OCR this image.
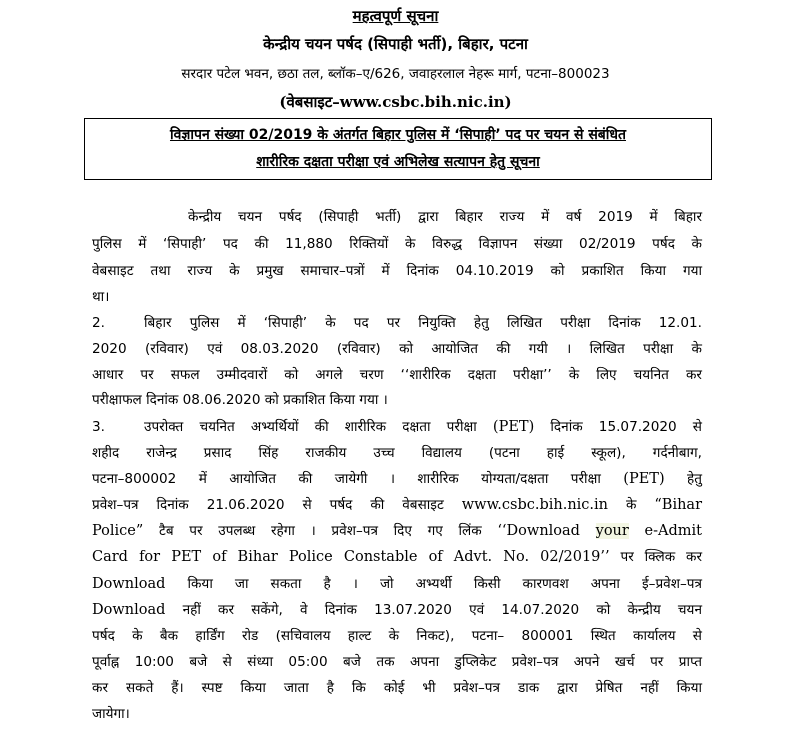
महत्वपूर्ण सूचना
केन्द्रीय चयन पर्षद (सिपाही भर्ती), बिहार, पटना
सरदार पटेल भवन, छठा तल, ब्लॉक–ए/626, जवाहरलाल नेहरू मार्ग, पटना–800023
(वेबसाइट–www.csbc.bih.nic.in)
विज्ञापन संख्या 02/2019 के अंतर्गत बिहार पुलिस में ‘सिपाही’ पद पर चयन से संबंधित
शारीरिक दक्षता परीक्षा एवं अभिलेख सत्यापन हेतु सूचना
केन्द्रीय चयन पर्षद (सिपाही भर्ती) द्वारा बिहार राज्य में वर्ष 2019 में बिहार
पुलिस में ‘सिपाही’ पद की 11,880 रिक्तियों के विरुद्ध विज्ञापन संख्या 02/2019 पर्षद के
वेबसाइट तथा राज्य के प्रमुख समाचार–पत्रों में दिनांक 04.10.2019 को प्रकाशित किया गया
था।
2.	बिहार पुलिस में ‘सिपाही’ के पद पर नियुक्ति हेतु लिखित परीक्षा दिनांक 12.01.
2020 (रविवार) एवं 08.03.2020 (रविवार) को आयोजित की गयी । लिखित परीक्षा के
आधार पर सफल उम्मीदवारों को अगले चरण ‘‘शारीरिक दक्षता परीक्षा’’ के लिए चयनित कर
परीक्षाफल दिनांक 08.06.2020 को प्रकाशित किया गया ।
3.	उपरोक्त चयनित अभ्यर्थियों की शारीरिक दक्षता परीक्षा (PET) दिनांक 15.07.2020 से
शहीद राजेन्द्र प्रसाद सिंह राजकीय उच्च विद्यालय (पटना हाई स्कूल), गर्दनीबाग,
पटना–800002 में आयोजित की जायेगी । शारीरिक योग्यता/दक्षता परीक्षा (PET) हेतु
प्रवेश–पत्र दिनांक 21.06.2020 से पर्षद की वेबसाइट www.csbc.bih.nic.in के “Bihar
Police” टैब पर उपलब्ध रहेगा । प्रवेश–पत्र दिए गए लिंक ‘‘Download your e-Admit
Card for PET of Bihar Police Constable of Advt. No. 02/2019’’ पर क्लिक कर
Download किया जा सकता है । जो अभ्यर्थी किसी कारणवश अपना ई–प्रवेश–पत्र
Download नहीं कर सकेंगे, वे दिनांक 13.07.2020 एवं 14.07.2020 को केन्द्रीय चयन
पर्षद के बैक हार्डिंग रोड (सचिवालय हाल्ट के निकट), पटना– 800001 स्थित कार्यालय से
पूर्वाह्न 10:00 बजे से संध्या 05:00 बजे तक अपना डुप्लिकेट प्रवेश–पत्र अपने खर्च पर प्राप्त
कर सकते हैं। स्पष्ट किया जाता है कि कोई भी प्रवेश–पत्र डाक द्वारा प्रेषित नहीं किया
जायेगा।
